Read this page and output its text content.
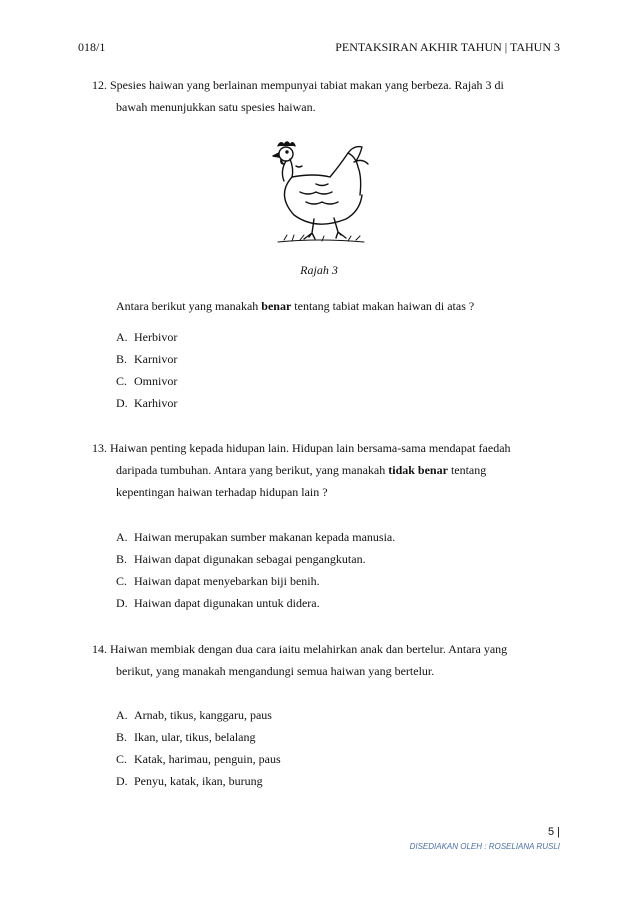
018/1	PENTAKSIRAN AKHIR TAHUN | TAHUN 3
12. Spesies haiwan yang berlainan mempunyai tabiat makan yang berbeza. Rajah 3 di
bawah menunjukkan satu spesies haiwan.
Rajah 3
Antara berikut yang manakah benar tentang tabiat makan haiwan di atas ?
A. Herbivor
B. Karnivor
C. Omnivor
D. Karhivor
13. Haiwan penting kepada hidupan lain. Hidupan lain bersama-sama mendapat faedah
daripada tumbuhan. Antara yang berikut, yang manakah tidak benar tentang
kepentingan haiwan terhadap hidupan lain ?
A. Haiwan merupakan sumber makanan kepada manusia.
B. Haiwan dapat digunakan sebagai pengangkutan.
C. Haiwan dapat menyebarkan biji benih.
D. Haiwan dapat digunakan untuk didera.
14. Haiwan membiak dengan dua cara iaitu melahirkan anak dan bertelur. Antara yang
berikut, yang manakah mengandungi semua haiwan yang bertelur.
A. Arnab, tikus, kanggaru, paus
B. Ikan, ular, tikus, belalang
C. Katak, harimau, penguin, paus
D. Penyu, katak, ikan, burung
5 |
DISEDIAKAN OLEH : ROSELIANA RUSLI
